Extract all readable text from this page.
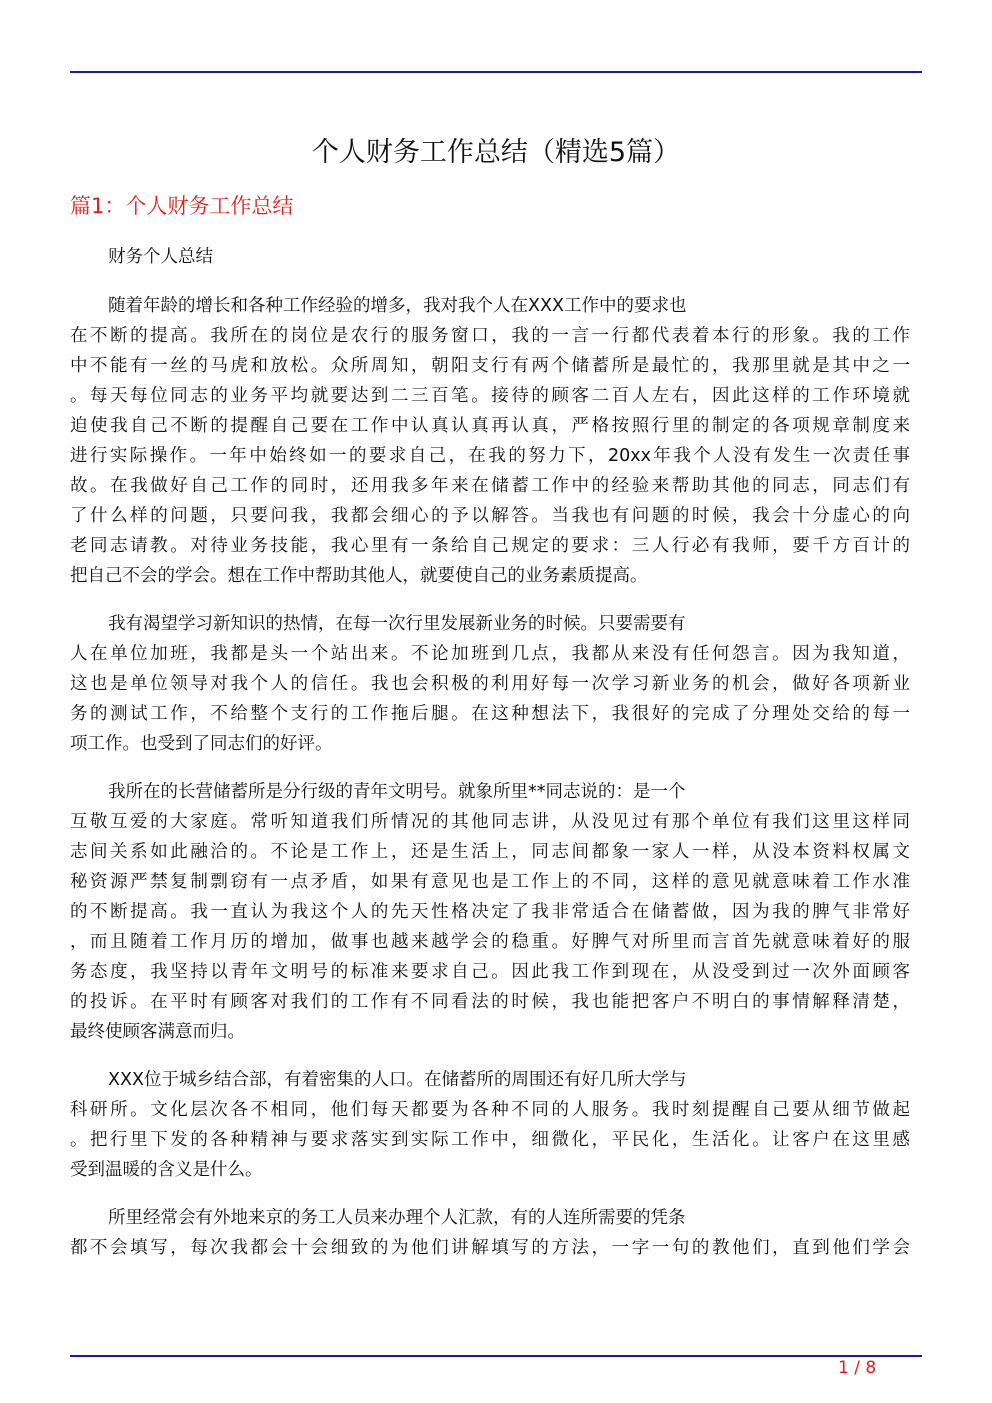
个人财务工作总结（精选5篇）
篇1：个人财务工作总结
财务个人总结
随着年龄的增长和各种工作经验的增多，我对我个人在XXX工作中的要求也
在不断的提高。我所在的岗位是农行的服务窗口，我的一言一行都代表着本行的形象。我的工作
中不能有一丝的马虎和放松。众所周知，朝阳支行有两个储蓄所是最忙的，我那里就是其中之一
。每天每位同志的业务平均就要达到二三百笔。接待的顾客二百人左右，因此这样的工作环境就
迫使我自己不断的提醒自己要在工作中认真认真再认真，严格按照行里的制定的各项规章制度来
进行实际操作。一年中始终如一的要求自己，在我的努力下，20xx年我个人没有发生一次责任事
故。在我做好自己工作的同时，还用我多年来在储蓄工作中的经验来帮助其他的同志，同志们有
了什么样的问题，只要问我，我都会细心的予以解答。当我也有问题的时候，我会十分虚心的向
老同志请教。对待业务技能，我心里有一条给自己规定的要求：三人行必有我师，要千方百计的
把自己不会的学会。想在工作中帮助其他人，就要使自己的业务素质提高。
我有渴望学习新知识的热情，在每一次行里发展新业务的时候。只要需要有
人在单位加班，我都是头一个站出来。不论加班到几点，我都从来没有任何怨言。因为我知道，
这也是单位领导对我个人的信任。我也会积极的利用好每一次学习新业务的机会，做好各项新业
务的测试工作，不给整个支行的工作拖后腿。在这种想法下，我很好的完成了分理处交给的每一
项工作。也受到了同志们的好评。
我所在的长营储蓄所是分行级的青年文明号。就象所里**同志说的：是一个
互敬互爱的大家庭。常听知道我们所情况的其他同志讲，从没见过有那个单位有我们这里这样同
志间关系如此融洽的。不论是工作上，还是生活上，同志间都象一家人一样，从没本资料权属文
秘资源严禁复制剽窃有一点矛盾，如果有意见也是工作上的不同，这样的意见就意味着工作水准
的不断提高。我一直认为我这个人的先天性格决定了我非常适合在储蓄做，因为我的脾气非常好
，而且随着工作月历的增加，做事也越来越学会的稳重。好脾气对所里而言首先就意味着好的服
务态度，我坚持以青年文明号的标准来要求自己。因此我工作到现在，从没受到过一次外面顾客
的投诉。在平时有顾客对我们的工作有不同看法的时候，我也能把客户不明白的事情解释清楚，
最终使顾客满意而归。
XXX位于城乡结合部，有着密集的人口。在储蓄所的周围还有好几所大学与
科研所。文化层次各不相同，他们每天都要为各种不同的人服务。我时刻提醒自己要从细节做起
。把行里下发的各种精神与要求落实到实际工作中，细微化，平民化，生活化。让客户在这里感
受到温暖的含义是什么。
所里经常会有外地来京的务工人员来办理个人汇款，有的人连所需要的凭条
都不会填写，每次我都会十会细致的为他们讲解填写的方法，一字一句的教他们，直到他们学会
1 / 8
